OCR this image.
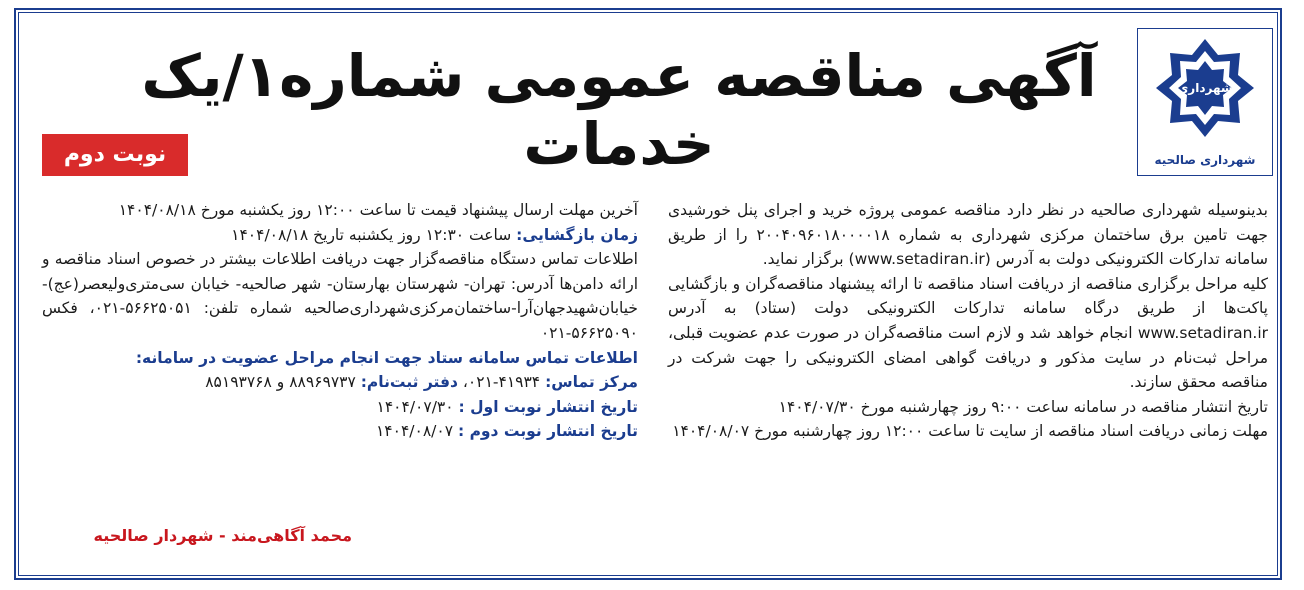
شهرداری
شهرداری صالحیه
آگهی مناقصه عمومی شماره۱/یک خدمات
نوبت دوم

بدینوسیله شهرداری صالحیه در نظر دارد مناقصه عمومی پروژه خرید و اجرای پنل خورشیدی جهت تامین برق ساختمان مرکزی شهرداری به شماره ۲۰۰۴۰۹۶۰۱۸۰۰۰۰۱۸ را از طریق سامانه تدارکات الکترونیکی دولت به آدرس (www.setadiran.ir) برگزار نماید.

کلیه مراحل برگزاری مناقصه از دریافت اسناد مناقصه تا ارائه پیشنهاد مناقصه‌گران و بازگشایی پاکت‌ها از طریق درگاه سامانه تدارکات الکترونیکی دولت (ستاد) به آدرس www.setadiran.ir انجام خواهد شد و لازم است مناقصه‌گران در صورت عدم عضویت قبلی، مراحل ثبت‌نام در سایت مذکور و دریافت گواهی امضای الکترونیکی را جهت شرکت در مناقصه محقق سازند.

تاریخ انتشار مناقصه در سامانه ساعت ۹:۰۰ روز چهارشنبه مورخ ۱۴۰۴/۰۷/۳۰

مهلت زمانی دریافت اسناد مناقصه از سایت تا ساعت ۱۲:۰۰ روز چهارشنبه مورخ ۱۴۰۴/۰۸/۰۷

آخرین مهلت ارسال پیشنهاد قیمت تا ساعت ۱۲:۰۰ روز یکشنبه مورخ ۱۴۰۴/۰۸/۱۸

زمان بازگشایی: ساعت ۱۲:۳۰ روز یکشنبه تاریخ ۱۴۰۴/۰۸/۱۸

اطلاعات تماس دستگاه مناقصه‌گزار جهت دریافت اطلاعات بیشتر در خصوص اسناد مناقصه و ارائه دامن‌ها آدرس: تهران- شهرستان بهارستان- شهر صالحیه- خیابان سی‌متری‌ولیعصر(عج)-خیابان‌شهیدجهان‌آرا-ساختمان‌مرکزی‌شهرداری‌صالحیه شماره تلفن: ۵۶۶۲۵۰۵۱-۰۲۱، فکس ۵۶۶۲۵۰۹۰-۰۲۱

اطلاعات تماس سامانه ستاد جهت انجام مراحل عضویت در سامانه:

مرکز تماس: ۴۱۹۳۴-۰۲۱، دفتر ثبت‌نام: ۸۸۹۶۹۷۳۷ و ۸۵۱۹۳۷۶۸

تاریخ انتشار نوبت اول : ۱۴۰۴/۰۷/۳۰

تاریخ انتشار نوبت دوم : ۱۴۰۴/۰۸/۰۷

محمد آگاهی‌مند - شهردار صالحیه
